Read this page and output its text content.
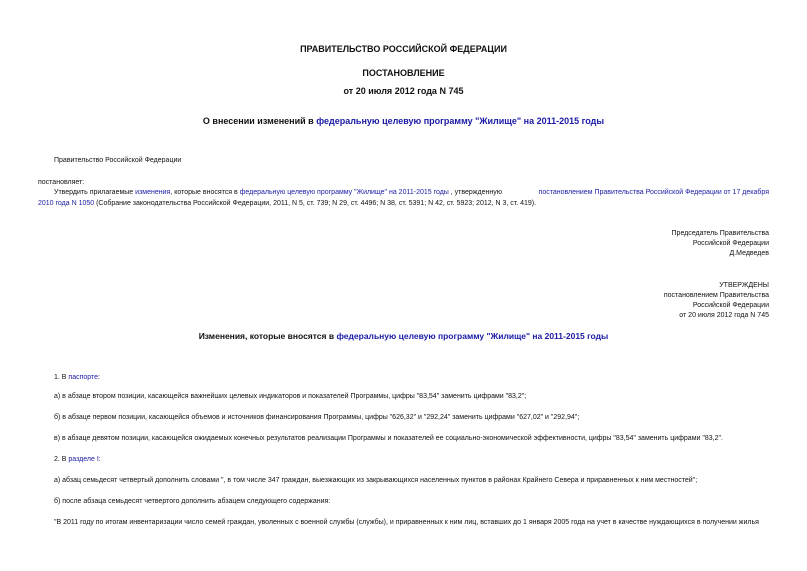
ПРАВИТЕЛЬСТВО РОССИЙСКОЙ ФЕДЕРАЦИИ
ПОСТАНОВЛЕНИЕ
от 20 июля 2012 года N 745
О внесении изменений в федеральную целевую программу "Жилище" на 2011-2015 годы
Правительство Российской Федерации
постановляет:
Утвердить прилагаемые изменения, которые вносятся в федеральную целевую программу "Жилище" на 2011-2015 годы , утвержденную	постановлением Правительства Российской Федерации от 17 декабря
2010 года N 1050 (Собрание законодательства Российской Федерации, 2011, N 5, ст. 739; N 29, ст. 4496; N 38, ст. 5391; N 42, ст. 5923; 2012, N 3, ст. 419).
Председатель Правительства
Российской Федерации
Д.Медведев
УТВЕРЖДЕНЫ
постановлением Правительства
Российской Федерации
от 20 июля 2012 года N 745
Изменения, которые вносятся в федеральную целевую программу "Жилище" на 2011-2015 годы
1. В паспорте:
а) в абзаце втором позиции, касающейся важнейших целевых индикаторов и показателей Программы, цифры "83,54" заменить цифрами "83,2";
б) в абзаце первом позиции, касающейся объемов и источников финансирования Программы, цифры "626,32" и "292,24" заменить цифрами "627,02" и "292,94";
в) в абзаце девятом позиции, касающейся ожидаемых конечных результатов реализации Программы и показателей ее социально-экономической эффективности, цифры "83,54" заменить цифрами "83,2".
2. В разделе I:
а) абзац семьдесят четвертый дополнить словами ", в том числе 347 граждан, выезжающих из закрывающихся населенных пунктов в районах Крайнего Севера и приравненных к ним местностей";
б) после абзаца семьдесят четвертого дополнить абзацем следующего содержания:
"В 2011 году по итогам инвентаризации число семей граждан, уволенных с военной службы (службы), и приравненных к ним лиц, вставших до 1 января 2005 года на учет в качестве нуждающихся в получении жилья
